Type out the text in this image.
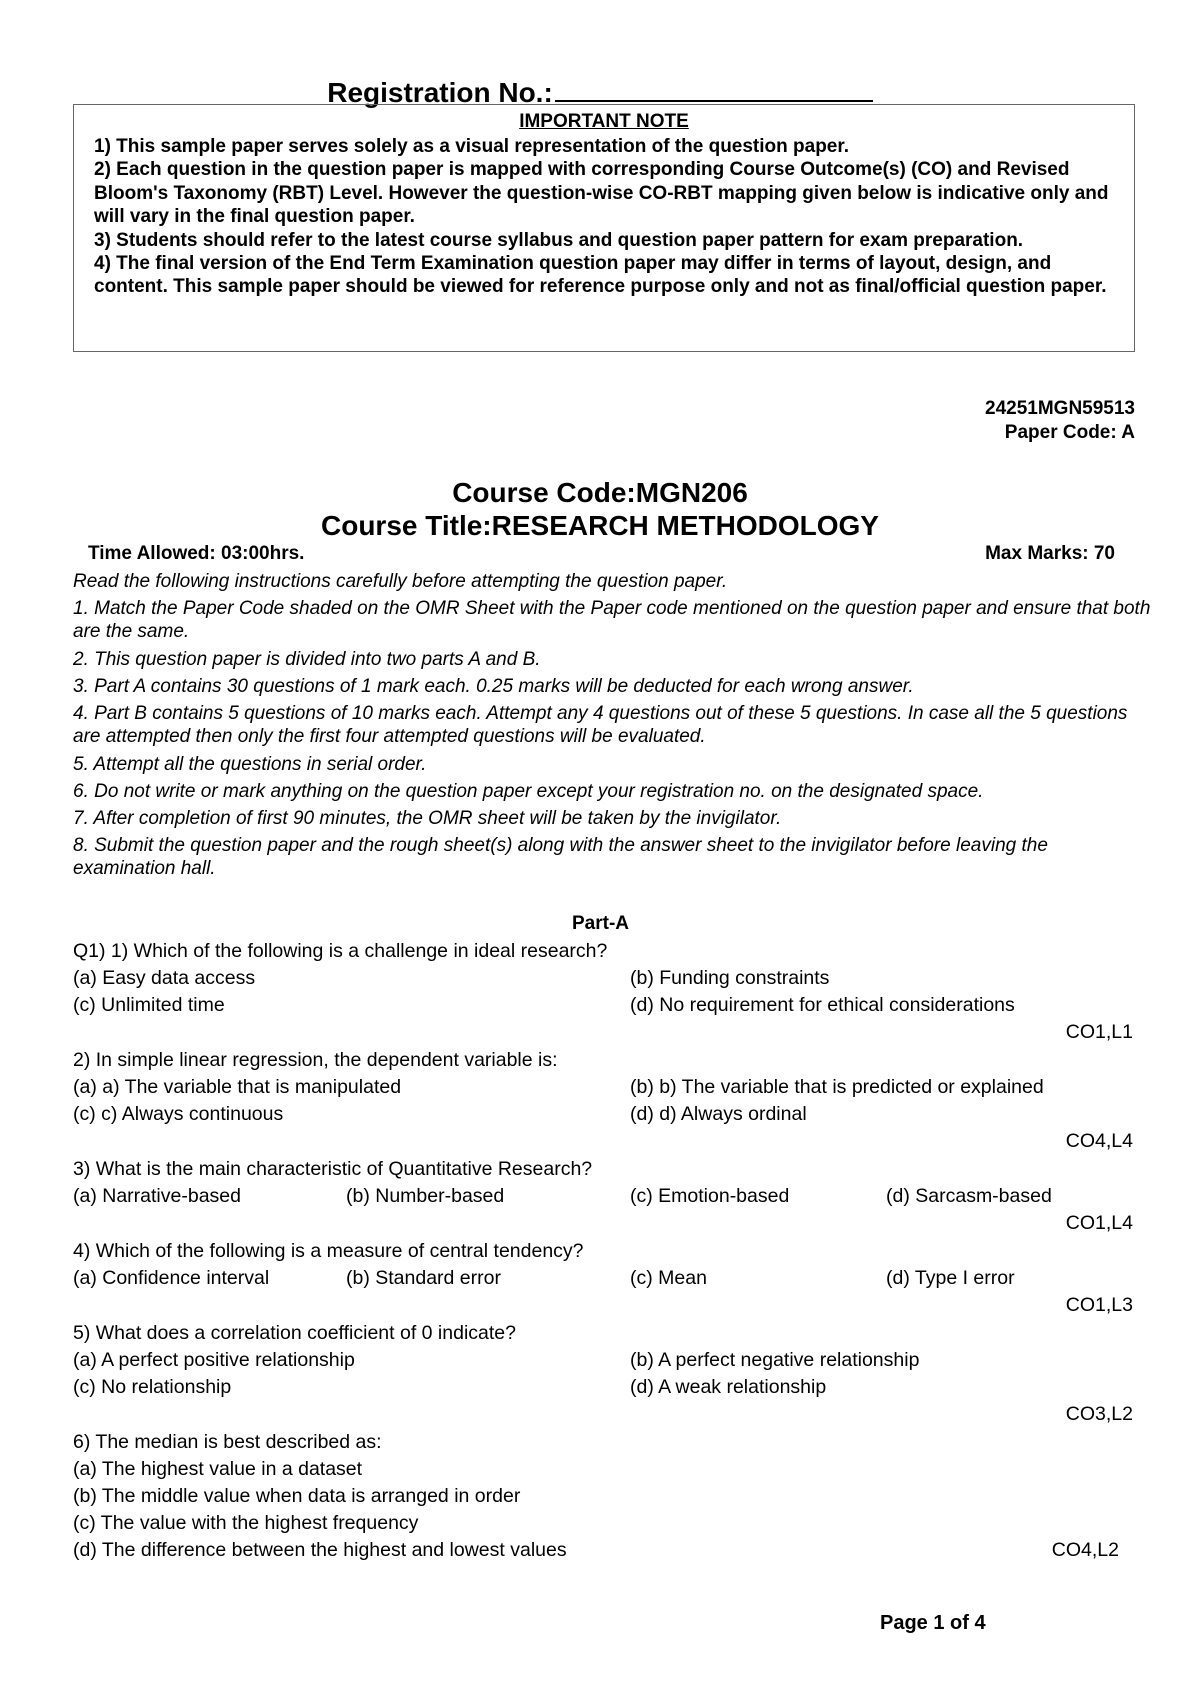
Registration No.:
IMPORTANT NOTE
1) This sample paper serves solely as a visual representation of the question paper.
2) Each question in the question paper is mapped with corresponding Course Outcome(s) (CO) and Revised Bloom's Taxonomy (RBT) Level. However the question-wise CO-RBT mapping given below is indicative only and will vary in the final question paper.
3) Students should refer to the latest course syllabus and question paper pattern for exam preparation.
4) The final version of the End Term Examination question paper may differ in terms of layout, design, and content. This sample paper should be viewed for reference purpose only and not as final/official question paper.
24251MGN59513
Paper Code: A
Course Code:MGN206
Course Title:RESEARCH METHODOLOGY
Time Allowed: 03:00hrs.	Max Marks: 70
Read the following instructions carefully before attempting the question paper.
1. Match the Paper Code shaded on the OMR Sheet with the Paper code mentioned on the question paper and ensure that both are the same.
2. This question paper is divided into two parts A and B.
3. Part A contains 30 questions of 1 mark each. 0.25 marks will be deducted for each wrong answer.
4. Part B contains 5 questions of 10 marks each. Attempt any 4 questions out of these 5 questions. In case all the 5 questions are attempted then only the first four attempted questions will be evaluated.
5. Attempt all the questions in serial order.
6. Do not write or mark anything on the question paper except your registration no. on the designated space.
7. After completion of first 90 minutes, the OMR sheet will be taken by the invigilator.
8. Submit the question paper and the rough sheet(s) along with the answer sheet to the invigilator before leaving the examination hall.
Part-A
Q1) 1) Which of the following is a challenge in ideal research?
(a) Easy data access	(b) Funding constraints
(c) Unlimited time	(d) No requirement for ethical considerations
CO1,L1
2) In simple linear regression, the dependent variable is:
(a) a) The variable that is manipulated	(b) b) The variable that is predicted or explained
(c) c) Always continuous	(d) d) Always ordinal
CO4,L4
3) What is the main characteristic of Quantitative Research?
(a) Narrative-based	(b) Number-based	(c) Emotion-based	(d) Sarcasm-based
CO1,L4
4) Which of the following is a measure of central tendency?
(a) Confidence interval	(b) Standard error	(c) Mean	(d) Type I error
CO1,L3
5) What does a correlation coefficient of 0 indicate?
(a) A perfect positive relationship	(b) A perfect negative relationship
(c) No relationship	(d) A weak relationship
CO3,L2
6) The median is best described as:
(a) The highest value in a dataset
(b) The middle value when data is arranged in order
(c) The value with the highest frequency
(d) The difference between the highest and lowest values	CO4,L2
Page 1 of 4
